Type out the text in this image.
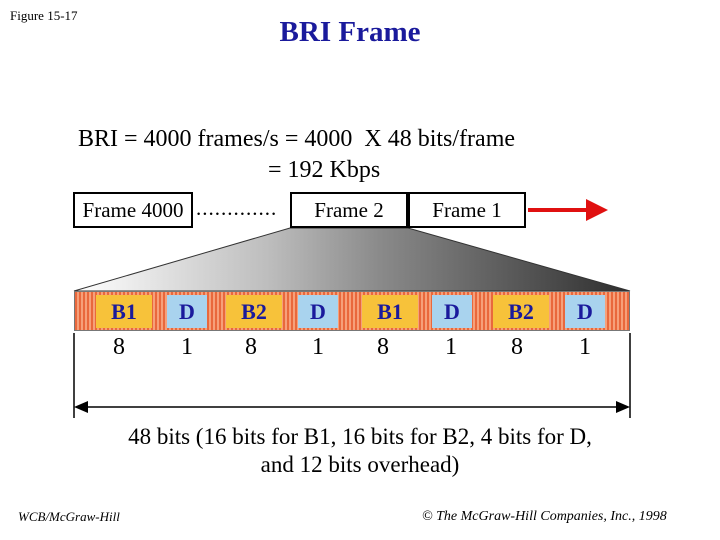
Figure 15-17
BRI Frame
BRI = 4000 frames/s = 4000  X 48 bits/frame
= 192 Kbps
Frame 4000 .............	Frame 2	Frame 1
B1	D	B2	D	B1	D	B2	D
8	1	8	1	8	1	8	1
48 bits (16 bits for B1, 16 bits for B2, 4 bits for D,
and 12 bits overhead)
WCB/McGraw-Hill	© The McGraw-Hill Companies, Inc., 1998
